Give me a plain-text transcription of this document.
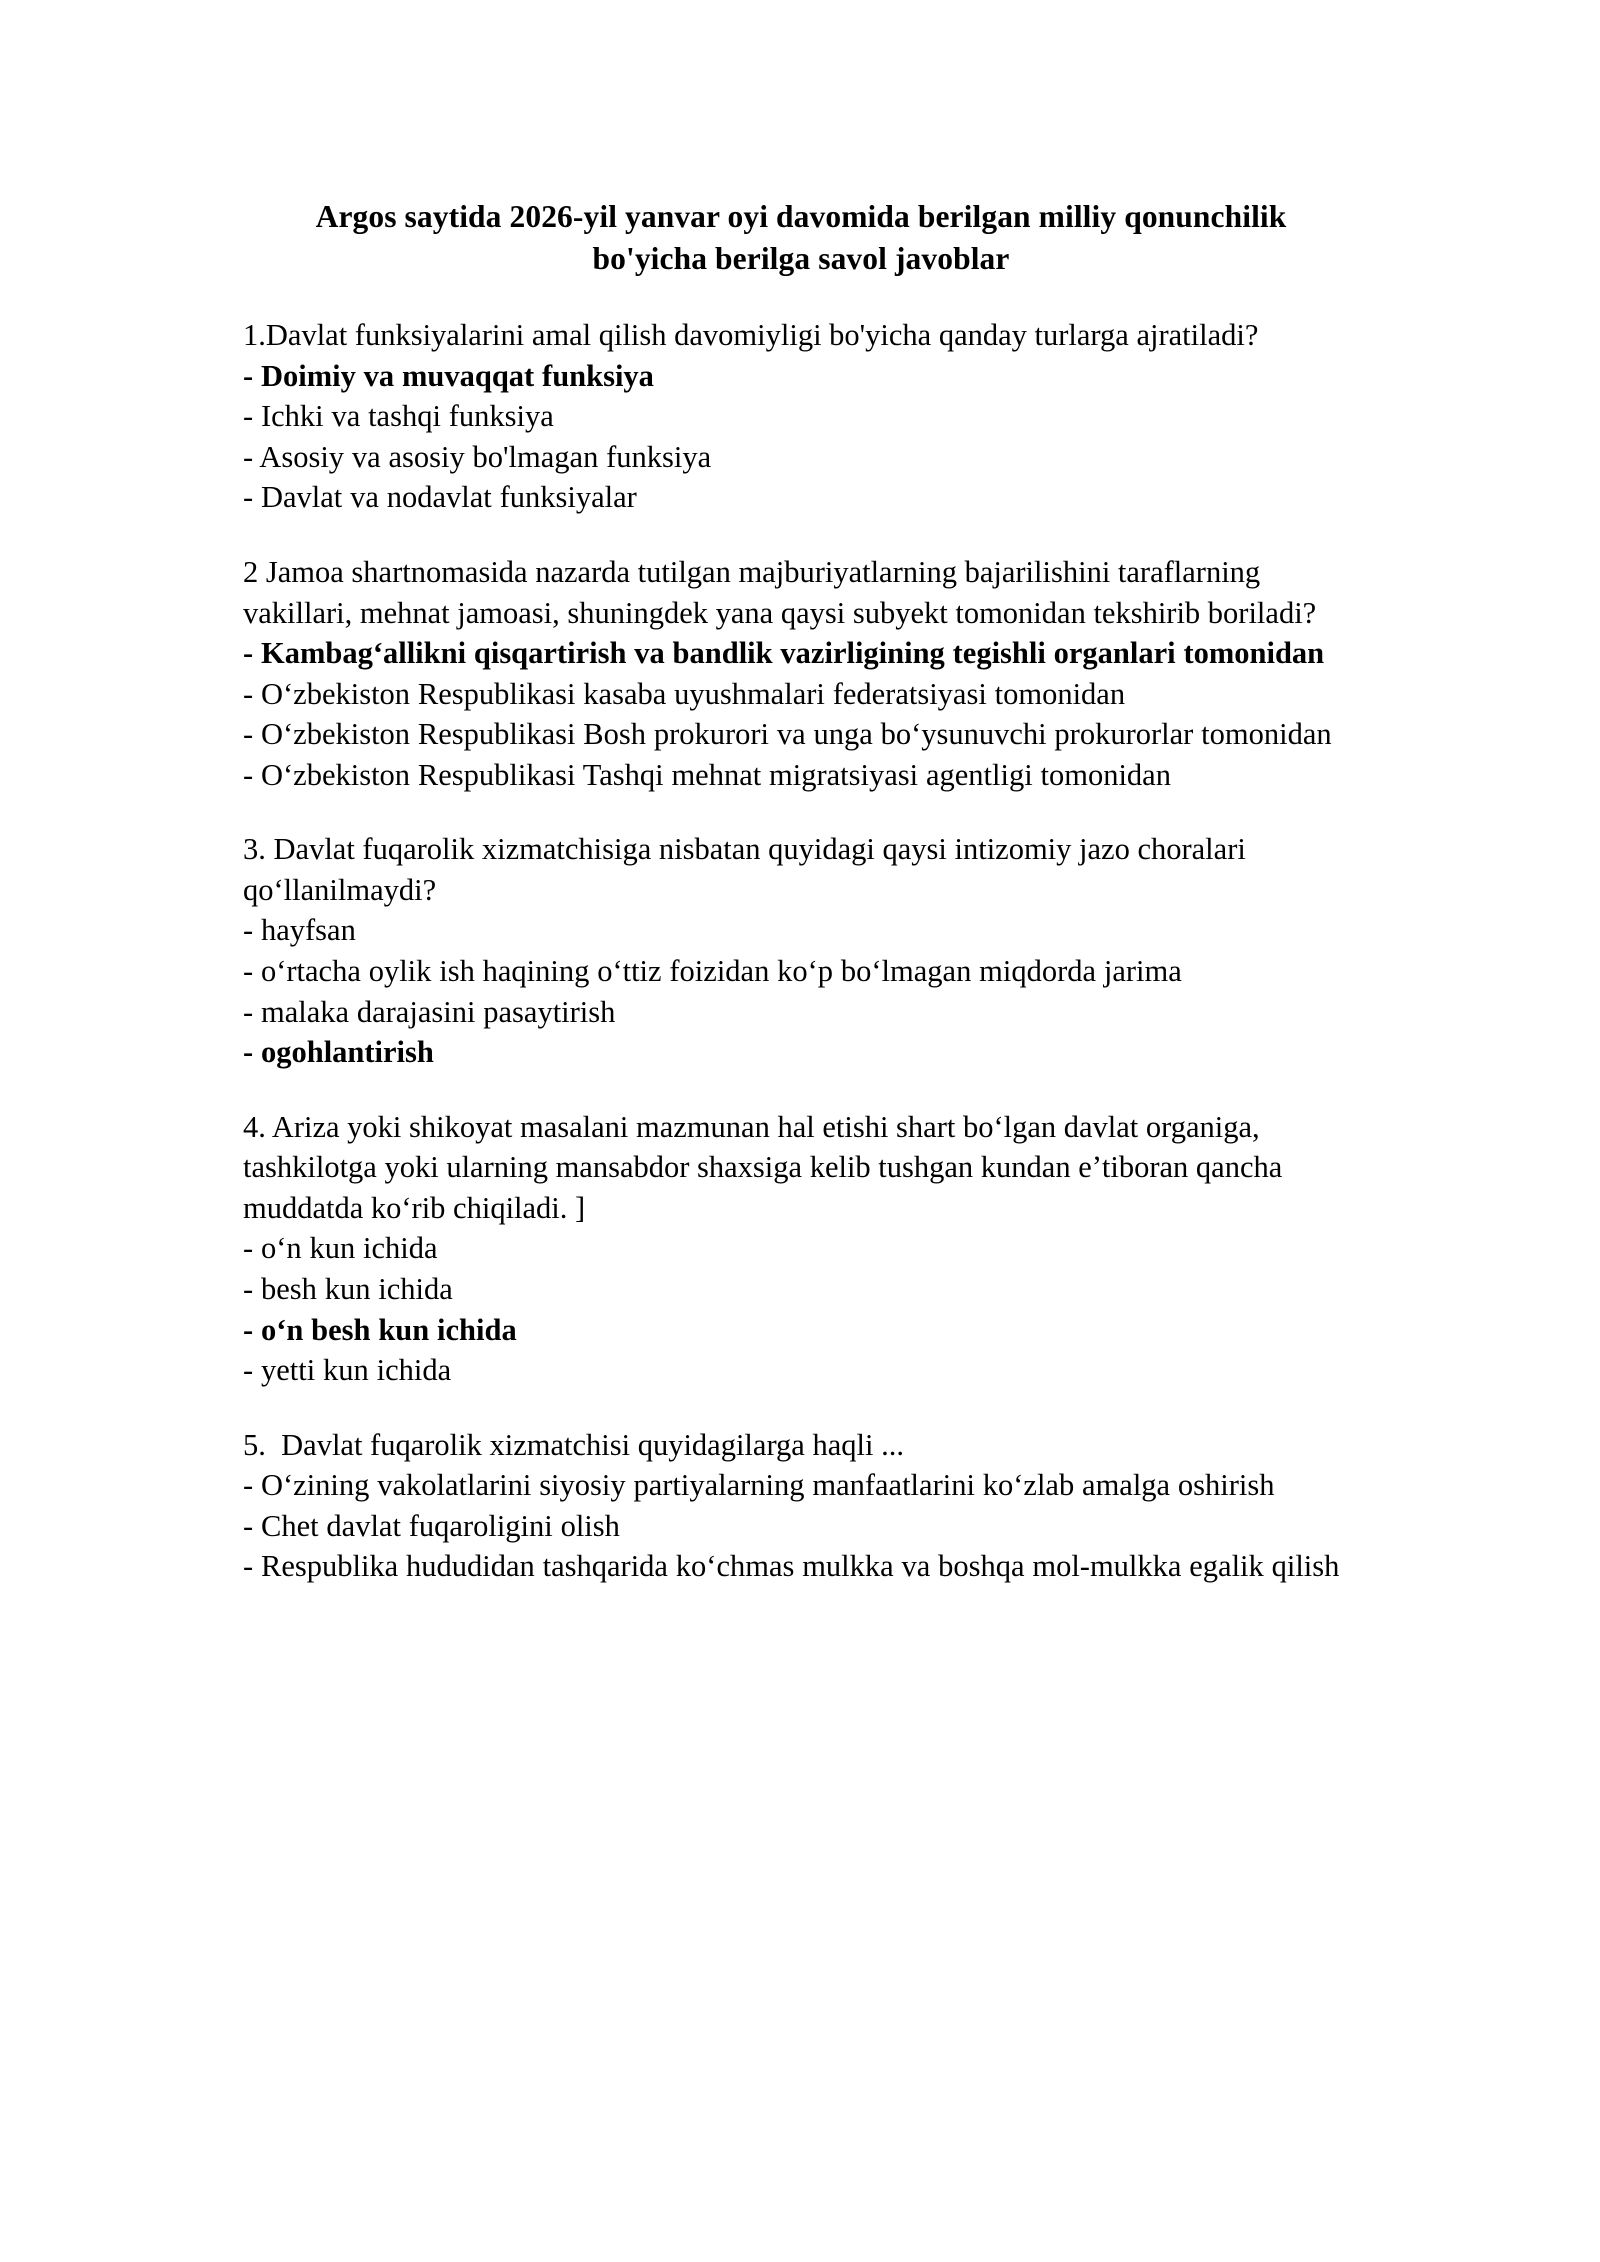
Argos saytida 2026-yil yanvar oyi davomida berilgan milliy qonunchilik bo'yicha berilga savol javoblar
1.Davlat funksiyalarini amal qilish davomiyligi bo'yicha qanday turlarga ajratiladi?
- Doimiy va muvaqqat funksiya
- Ichki va tashqi funksiya
- Asosiy va asosiy bo'lmagan funksiya
- Davlat va nodavlat funksiyalar
2 Jamoa shartnomasida nazarda tutilgan majburiyatlarning bajarilishini taraflarning vakillari, mehnat jamoasi, shuningdek yana qaysi subyekt tomonidan tekshirib boriladi?
- Kambagʻallikni qisqartirish va bandlik vazirligining tegishli organlari tomonidan
- Oʻzbekiston Respublikasi kasaba uyushmalari federatsiyasi tomonidan
- Oʻzbekiston Respublikasi Bosh prokurori va unga boʻysunuvchi prokurorlar tomonidan
- Oʻzbekiston Respublikasi Tashqi mehnat migratsiyasi agentligi tomonidan
3. Davlat fuqarolik xizmatchisiga nisbatan quyidagi qaysi intizomiy jazo choralari qoʻllanilmaydi?
- hayfsan
- oʻrtacha oylik ish haqining oʻttiz foizidan koʻp boʻlmagan miqdorda jarima
- malaka darajasini pasaytirish
- ogohlantirish
4. Ariza yoki shikoyat masalani mazmunan hal etishi shart boʻlgan davlat organiga, tashkilotga yoki ularning mansabdor shaxsiga kelib tushgan kundan eʼtiboran qancha muddatda koʻrib chiqiladi. ]
- oʻn kun ichida
- besh kun ichida
- oʻn besh kun ichida
- yetti kun ichida
5.  Davlat fuqarolik xizmatchisi quyidagilarga haqli ...
- Oʻzining vakolatlarini siyosiy partiyalarning manfaatlarini koʻzlab amalga oshirish
- Chet davlat fuqaroligini olish
- Respublika hududidan tashqarida koʻchmas mulkka va boshqa mol-mulkka egalik qilish
